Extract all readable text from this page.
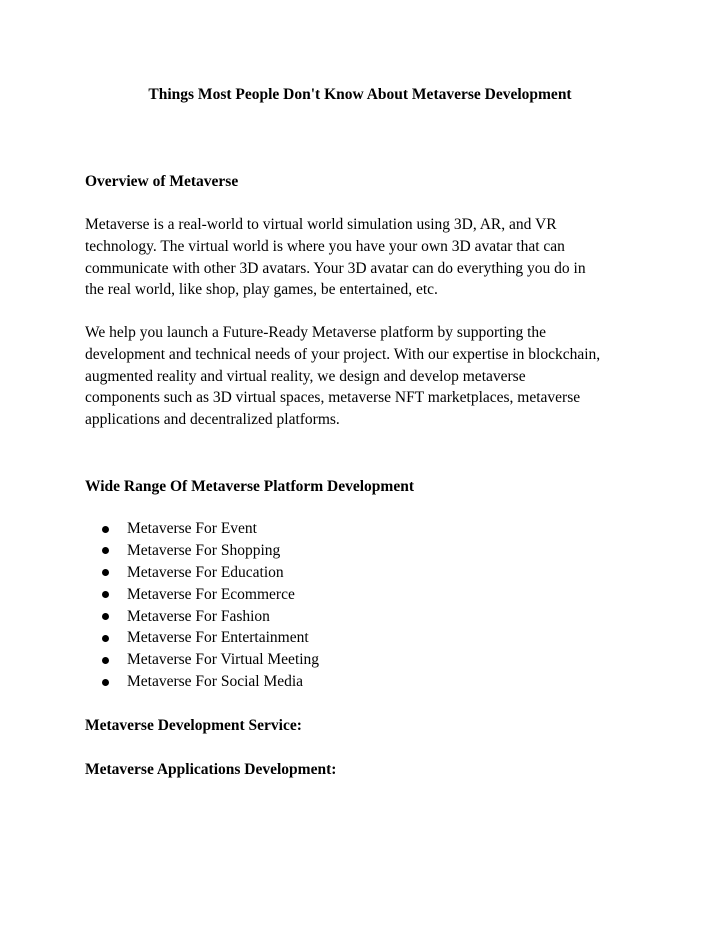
Things Most People Don't Know About Metaverse Development
Overview of Metaverse
Metaverse is a real-world to virtual world simulation using 3D, AR, and VR
technology. The virtual world is where you have your own 3D avatar that can
communicate with other 3D avatars. Your 3D avatar can do everything you do in
the real world, like shop, play games, be entertained, etc.
We help you launch a Future-Ready Metaverse platform by supporting the
development and technical needs of your project. With our expertise in blockchain,
augmented reality and virtual reality, we design and develop metaverse
components such as 3D virtual spaces, metaverse NFT marketplaces, metaverse
applications and decentralized platforms.
Wide Range Of Metaverse Platform Development
Metaverse For Event
Metaverse For Shopping
Metaverse For Education
Metaverse For Ecommerce
Metaverse For Fashion
Metaverse For Entertainment
Metaverse For Virtual Meeting
Metaverse For Social Media
Metaverse Development Service:
Metaverse Applications Development:
